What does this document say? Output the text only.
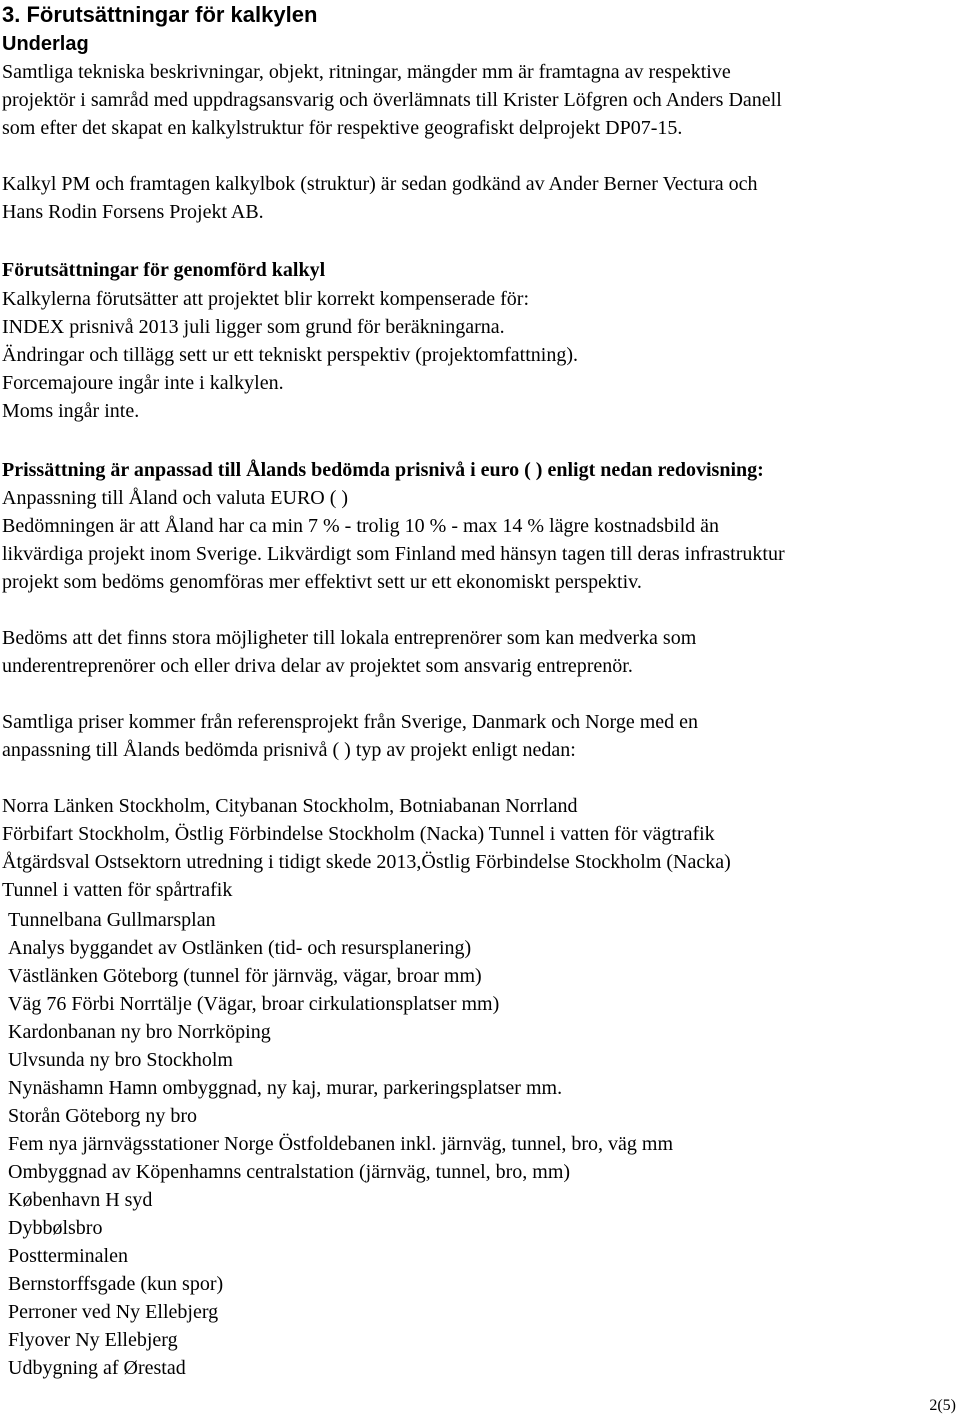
3. Förutsättningar för kalkylen
Underlag
Samtliga tekniska beskrivningar, objekt, ritningar, mängder mm är framtagna av respektive
projektör i samråd med uppdragsansvarig och överlämnats till Krister Löfgren och Anders Danell
som efter det skapat en kalkylstruktur för respektive geografiskt delprojekt DP07-15.
Kalkyl PM och framtagen kalkylbok (struktur) är sedan godkänd av Ander Berner Vectura och
Hans Rodin Forsens Projekt AB.
Förutsättningar för genomförd kalkyl
Kalkylerna förutsätter att projektet blir korrekt kompenserade för:
INDEX prisnivå 2013 juli ligger som grund för beräkningarna.
Ändringar och tillägg sett ur ett tekniskt perspektiv (projektomfattning).
Forcemajoure ingår inte i kalkylen.
Moms ingår inte.
Prissättning är anpassad till Ålands bedömda prisnivå i euro ( ) enligt nedan redovisning:
Anpassning till Åland och valuta EURO ( )
Bedömningen är att Åland har ca min 7 % - trolig 10 % - max 14 % lägre kostnadsbild än
likvärdiga projekt inom Sverige. Likvärdigt som Finland med hänsyn tagen till deras infrastruktur
projekt som bedöms genomföras mer effektivt sett ur ett ekonomiskt perspektiv.
Bedöms att det finns stora möjligheter till lokala entreprenörer som kan medverka som
underentreprenörer och eller driva delar av projektet som ansvarig entreprenör.
Samtliga priser kommer från referensprojekt från Sverige, Danmark och Norge med en
anpassning till Ålands bedömda prisnivå ( ) typ av projekt enligt nedan:
Norra Länken Stockholm, Citybanan Stockholm, Botniabanan Norrland
Förbifart Stockholm, Östlig Förbindelse Stockholm (Nacka) Tunnel i vatten för vägtrafik
Åtgärdsval Ostsektorn utredning i tidigt skede 2013,Östlig Förbindelse Stockholm (Nacka)
Tunnel i vatten för spårtrafik
Tunnelbana Gullmarsplan
Analys byggandet av Ostlänken (tid- och resursplanering)
Västlänken Göteborg (tunnel för järnväg, vägar, broar mm)
Väg 76 Förbi Norrtälje (Vägar, broar cirkulationsplatser mm)
Kardonbanan ny bro Norrköping
Ulvsunda ny bro Stockholm
Nynäshamn Hamn ombyggnad, ny kaj, murar, parkeringsplatser mm.
Storån Göteborg ny bro
Fem nya järnvägsstationer Norge Östfoldebanen inkl. järnväg, tunnel, bro, väg mm
Ombyggnad av Köpenhamns centralstation (järnväg, tunnel, bro, mm)
København H syd
Dybbølsbro
Postterminalen
Bernstorffsgade (kun spor)
Perroner ved Ny Ellebjerg
Flyover Ny Ellebjerg
Udbygning af Ørestad
2(5)
